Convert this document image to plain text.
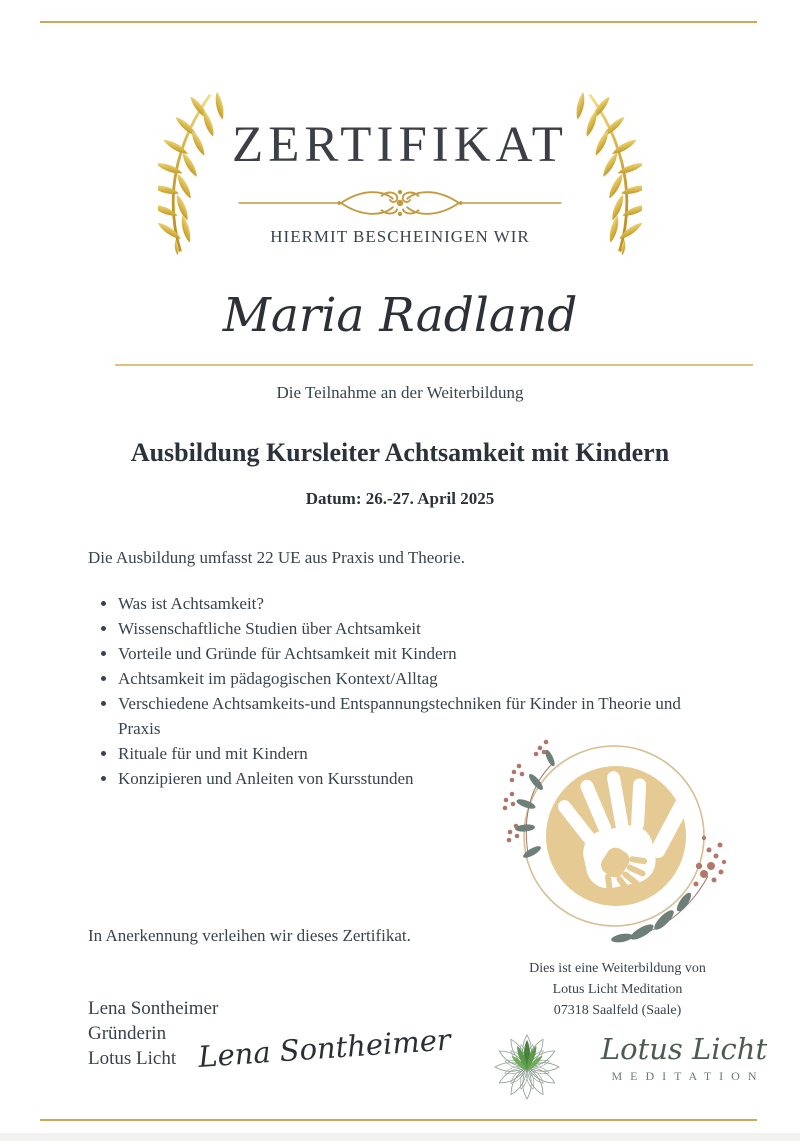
ZERTIFIKAT
HIERMIT BESCHEINIGEN WIR
Maria Radland
Die Teilnahme an der Weiterbildung
Ausbildung Kursleiter Achtsamkeit mit Kindern
Datum: 26.-27. April 2025
Die Ausbildung umfasst 22 UE aus Praxis und Theorie.
• Was ist Achtsamkeit?
• Wissenschaftliche Studien über Achtsamkeit
• Vorteile und Gründe für Achtsamkeit mit Kindern
• Achtsamkeit im pädagogischen Kontext/Alltag
• Verschiedene Achtsamkeits-und Entspannungstechniken für Kinder in Theorie und Praxis
• Rituale für und mit Kindern
• Konzipieren und Anleiten von Kursstunden
In Anerkennung verleihen wir dieses Zertifikat.
Dies ist eine Weiterbildung von
Lotus Licht Meditation
07318 Saalfeld (Saale)
Lena Sontheimer
Gründerin
Lotus Licht Lena Sontheimer	Lotus Licht
MEDITATION
